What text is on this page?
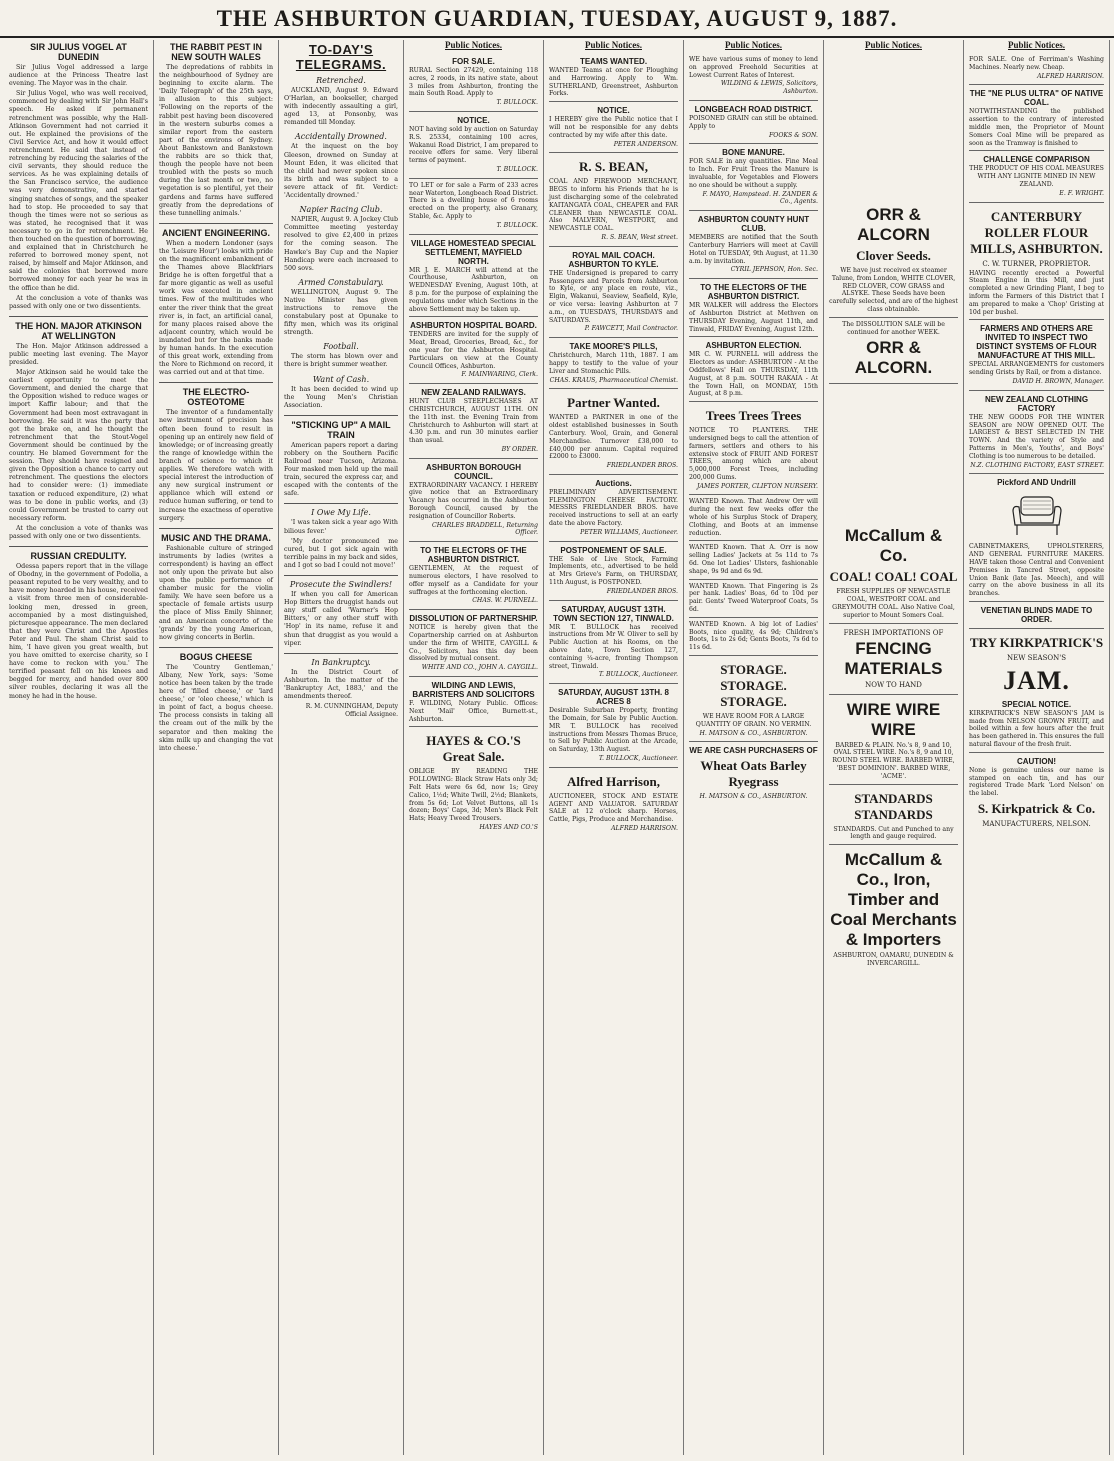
THE ASHBURTON GUARDIAN, TUESDAY, AUGUST 9, 1887.
SIR JULIUS VOGEL AT DUNEDIN

Sir Julius Vogel addressed a large audience at the Princess Theatre last evening. The Mayor was in the chair.

Sir Julius Vogel, who was well received, commenced by dealing with Sir John Hall's speech. He asked if permanent retrenchment was possible, why the Hall-Atkinson Government had not carried it out. He explained the provisions of the Civil Service Act, and how it would effect retrenchment. He said that instead of retrenching by reducing the salaries of the civil servants, they should reduce the services. As he was explaining details of the San Francisco service, the audience was very demonstrative, and started singing snatches of songs, and the speaker had to stop. He proceeded to say that though the times were not so serious as was stated, he recognised that it was necessary to go in for retrenchment. He then touched on the question of borrowing, and explained that in Christchurch he referred to borrowed money spent, not raised, by himself and Major Atkinson, and said the colonies that borrowed more borrowed money for each year he was in the office than he did.

At the conclusion a vote of thanks was passed with only one or two dissentients.

THE HON. MAJOR ATKINSON AT WELLINGTON

The Hon. Major Atkinson addressed a public meeting last evening. The Mayor presided.

Major Atkinson said he would take the earliest opportunity to meet the Government, and denied the charge that the Opposition wished to reduce wages or import Kaffir labour; and that the Government had been most extravagant in borrowing. He said it was the party that got the brake on, and he thought the retrenchment that the Stout-Vogel Government should be continued by the country. He blamed Government for the session. They should have resigned and given the Opposition a chance to carry out retrenchment. The questions the electors had to consider were: (1) immediate taxation or reduced expenditure, (2) what was to be done in public works, and (3) could Government be trusted to carry out necessary reform.

At the conclusion a vote of thanks was passed with only one or two dissentients.

RUSSIAN CREDULITY.

Odessa papers report that in the village of Obodny, in the government of Podolia, a peasant reputed to be very wealthy, and to have money hoarded in his house, received a visit from three men of considerable-looking men, dressed in green, accompanied by a most distinguished, picturesque appearance. The men declared that they were Christ and the Apostles Peter and Paul. The sham Christ said to him, 'I have given you great wealth, but you have omitted to exercise charity, so I have come to reckon with you.' The terrified peasant fell on his knees and begged for mercy, and handed over 800 silver roubles, declaring it was all the money he had in the house.

THE RABBIT PEST IN NEW SOUTH WALES

The depredations of rabbits in the neighbourhood of Sydney are beginning to excite alarm. The 'Daily Telegraph' of the 25th says, in allusion to this subject: 'Following on the reports of the rabbit pest having been discovered in the western suburbs comes a similar report from the eastern part of the environs of Sydney. About Bankstown and Bankstown the rabbits are so thick that, though the people have not been troubled with the pests so much during the last month or two, no vegetation is so plentiful, yet their gardens and farms have suffered greatly from the depredations of these tunnelling animals.'

ANCIENT ENGINEERING.

When a modern Londoner (says the 'Leisure Hour') looks with pride on the magnificent embankment of the Thames above Blackfriars Bridge he is often forgetful that a far more gigantic as well as useful work was executed in ancient times. Few of the multitudes who enter the river think that the great river is, in fact, an artificial canal, for many places raised above the adjacent country, which would be inundated but for the banks made by human hands. In the execution of this great work, extending from the Nore to Richmond on record, it was carried out and at that time.

THE ELECTRO-OSTEOTOME

The inventor of a fundamentally new instrument of precision has often been found to result in opening up an entirely new field of knowledge; or of increasing greatly the range of knowledge within the branch of science to which it applies. We therefore watch with special interest the introduction of any new surgical instrument or appliance which will extend or reduce human suffering, or tend to increase the exactness of operative surgery.

MUSIC AND THE DRAMA.

Fashionable culture of stringed instruments by ladies (writes a correspondent) is having an effect not only upon the private but also upon the public performance of chamber music for the violin family. We have seen before us a spectacle of female artists usurp the place of Miss Emily Shinner, and an American concerto of the 'grands' by the young American, now giving concerts in Berlin.

BOGUS CHEESE

The 'Country Gentleman,' Albany, New York, says: 'Some notice has been taken by the trade here of 'filled cheese,' or 'lard cheese,' or 'oleo cheese,' which is in point of fact, a bogus cheese. The process consists in taking all the cream out of the milk by the separator and then making the skim milk up and changing the vat into cheese.'

TO-DAY'S TELEGRAMS.
Retrenched.

AUCKLAND, August 9. Edward O'Harlan, an bookseller, charged with indecently assaulting a girl, aged 13, at Ponsonby, was remanded till Monday.

Accidentally Drowned.

At the inquest on the boy Gleeson, drowned on Sunday at Mount Eden, it was elicited that the child had never spoken since its birth and was subject to a severe attack of fit. Verdict: 'Accidentally drowned.'

Napier Racing Club.

NAPIER, August 9. A Jockey Club Committee meeting yesterday resolved to give £2,400 in prizes for the coming season. The Hawke's Bay Cup and the Napier Handicap were each increased to 500 sovs.

Armed Constabulary.

WELLINGTON, August 9. The Native Minister has given instructions to remove the constabulary post at Opunake to fifty men, which was its original strength.

Football.

The storm has blown over and there is bright summer weather.

Want of Cash.

It has been decided to wind up the Young Men's Christian Association.

"STICKING UP" A MAIL TRAIN

American papers report a daring robbery on the Southern Pacific Railroad near Tucson, Arizona. Four masked men held up the mail train, secured the express car, and escaped with the contents of the safe.

I Owe My Life.

'I was taken sick a year ago With bilious fever.'

'My doctor pronounced me cured, but I got sick again with terrible pains in my back and sides, and I got so bad I could not move!'

Prosecute the Swindlers!

If when you call for American Hop Bitters the druggist hands out any stuff called 'Warner's Hop Bitters,' or any other stuff with 'Hop' in its name, refuse it and shun that druggist as you would a viper.

In Bankruptcy.

In the District Court of Ashburton. In the matter of the 'Bankruptcy Act, 1883,' and the amendments thereof.

R. M. CUNNINGHAM, Deputy Official Assignee.

Public Notices.

FOR SALE.

RURAL Section 27429, containing 118 acres, 2 roods, in its native state, about 3 miles from Ashburton, fronting the main South Road. Apply to

T. BULLOCK.

NOTICE.

NOT having sold by auction on Saturday R.S. 25334, containing 100 acres, Wakanui Road District, I am prepared to receive offers for same. Very liberal terms of payment.

T. BULLOCK.

TO LET or for sale a Farm of 233 acres near Waterton, Longbeach Road District. There is a dwelling house of 6 rooms erected on the property, also Granary, Stable, &c. Apply to

T. BULLOCK.

VILLAGE HOMESTEAD SPECIAL SETTLEMENT, MAYFIELD NORTH.

MR J. E. MARCH will attend at the Courthouse, Ashburton, on WEDNESDAY Evening, August 10th, at 8 p.m. for the purpose of explaining the regulations under which Sections in the above Settlement may be taken up.

ASHBURTON HOSPITAL BOARD.

TENDERS are invited for the supply of Meat, Bread, Groceries, Bread, &c., for one year for the Ashburton Hospital. Particulars on view at the County Council Offices, Ashburton.

F. MAINWARING, Clerk.

NEW ZEALAND RAILWAYS.

HUNT CLUB STEEPLECHASES AT CHRISTCHURCH, AUGUST 11TH. ON the 11th inst. the Evening Train from Christchurch to Ashburton will start at 4.30 p.m. and run 30 minutes earlier than usual.

BY ORDER.

ASHBURTON BOROUGH COUNCIL.

EXTRAORDINARY VACANCY. I HEREBY give notice that an Extraordinary Vacancy has occurred in the Ashburton Borough Council, caused by the resignation of Councillor Roberts.

CHARLES BRADDELL, Returning Officer.

TO THE ELECTORS OF THE ASHBURTON DISTRICT.

GENTLEMEN, At the request of numerous electors, I have resolved to offer myself as a Candidate for your suffrages at the forthcoming election.

CHAS. W. PURNELL.

DISSOLUTION OF PARTNERSHIP.

NOTICE is hereby given that the Copartnership carried on at Ashburton under the firm of WHITE, CAYGILL & Co., Solicitors, has this day been dissolved by mutual consent.

WHITE AND CO., JOHN A. CAYGILL.

WILDING AND LEWIS, BARRISTERS AND SOLICITORS

F. WILDING, Notary Public. Offices: Next 'Mail' Office, Burnett-st., Ashburton.

HAYES & CO.'S Great Sale.

OBLIGE BY READING THE FOLLOWING: Black Straw Hats only 3d; Felt Hats were 6s 6d, now 1s; Grey Calico, 1½d; White Twill, 2½d; Blankets, from 5s 6d; Lot Velvet Buttons, all 1s dozen; Boys' Caps, 3d; Men's Black Felt Hats; Heavy Tweed Trousers.

HAYES AND CO.'S

Public Notices.

TEAMS WANTED.

WANTED Teams at once for Ploughing and Harrowing. Apply to Wm. SUTHERLAND, Greenstreet, Ashburton Forks.

NOTICE.

I HEREBY give the Public notice that I will not be responsible for any debts contracted by my wife after this date.

PETER ANDERSON.

R. S. BEAN,

COAL AND FIREWOOD MERCHANT, BEGS to inform his Friends that he is just discharging some of the celebrated KAITANGATA COAL, CHEAPER and FAR CLEANER than NEWCASTLE COAL. Also MALVERN, WESTPORT, and NEWCASTLE COAL.

R. S. BEAN, West street.

ROYAL MAIL COACH. ASHBURTON TO KYLE.

THE Undersigned is prepared to carry Passengers and Parcels from Ashburton to Kyle, or any place en route, viz., Elgin, Wakanui, Seaview, Seafield, Kyle, or vice versa: leaving Ashburton at 7 a.m., on TUESDAYS, THURSDAYS and SATURDAYS.

P. FAWCETT, Mail Contractor.

TAKE MOORE'S PILLS,

Christchurch, March 11th, 1887. I am happy to testify to the value of your Liver and Stomachic Pills.

CHAS. KRAUS, Pharmaceutical Chemist.

Partner Wanted.

WANTED a PARTNER in one of the oldest established businesses in South Canterbury. Wool, Grain, and General Merchandise. Turnover £38,000 to £40,000 per annum. Capital required £2000 to £3000.

FRIEDLANDER BROS.

Auctions.

PRELIMINARY ADVERTISEMENT. FLEMINGTON CHEESE FACTORY. MESSRS FRIEDLANDER BROS. have received instructions to sell at an early date the above Factory.

PETER WILLIAMS, Auctioneer.

POSTPONEMENT OF SALE.

THE Sale of Live Stock, Farming Implements, etc., advertised to be held at Mrs Grieve's Farm, on THURSDAY, 11th August, is POSTPONED.

FRIEDLANDER BROS.

SATURDAY, AUGUST 13TH. TOWN SECTION 127, TINWALD.

MR T. BULLOCK has received instructions from Mr W. Oliver to sell by Public Auction at his Rooms, on the above date, Town Section 127, containing ¼-acre, fronting Thompson street, Tinwald.

T. BULLOCK, Auctioneer.

SATURDAY, AUGUST 13TH. 8 ACRES 8

Desirable Suburban Property, fronting the Domain, for Sale by Public Auction. MR T. BULLOCK has received instructions from Messrs Thomas Bruce, to Sell by Public Auction at the Arcade, on Saturday, 13th August.

T. BULLOCK, Auctioneer.

Alfred Harrison,

AUCTIONEER, STOCK AND ESTATE AGENT AND VALUATOR. SATURDAY SALE at 12 o'clock sharp. Horses, Cattle, Pigs, Produce and Merchandise.

ALFRED HARRISON.

Public Notices.

WE have various sums of money to lend on approved Freehold Securities at Lowest Current Rates of Interest.

WILDING & LEWIS, Solicitors, Ashburton.

LONGBEACH ROAD DISTRICT.

POISONED GRAIN can still be obtained. Apply to

FOOKS & SON.

BONE MANURE.

FOR SALE in any quantities. Fine Meal to Inch. For Fruit Trees the Manure is invaluable, for Vegetables and Flowers no one should be without a supply.

F. MAYO, Hampstead. H. ZANDER & Co., Agents.

ASHBURTON COUNTY HUNT CLUB.

MEMBERS are notified that the South Canterbury Harriers will meet at Cavill Hotel on TUESDAY, 9th August, at 11.30 a.m. by invitation.

CYRIL JEPHSON, Hon. Sec.

TO THE ELECTORS OF THE ASHBURTON DISTRICT.

MR WALKER will address the Electors of Ashburton District at Methven on THURSDAY Evening, August 11th, and Tinwald, FRIDAY Evening, August 12th.

ASHBURTON ELECTION.

MR C. W. PURNELL will address the Electors as under: ASHBURTON - At the Oddfellows' Hall on THURSDAY, 11th August, at 8 p.m. SOUTH RAKAIA - At the Town Hall, on MONDAY, 15th August, at 8 p.m.

Trees Trees Trees

NOTICE TO PLANTERS. THE undersigned begs to call the attention of farmers, settlers and others to his extensive stock of FRUIT AND FOREST TREES, among which are about 5,000,000 Forest Trees, including 200,000 Gums.

JAMES PORTER, CLIFTON NURSERY.

WANTED Known. That Andrew Orr will during the next few weeks offer the whole of his Surplus Stock of Drapery, Clothing, and Boots at an immense reduction.

WANTED Known. That A. Orr is now selling Ladies' Jackets at 5s 11d to 7s 6d. One lot Ladies' Ulsters, fashionable shape, 9s 9d and 6s 9d.

WANTED Known. That Fingering is 2s per hank. Ladies' Boas, 6d to 10d per pair. Gents' Tweed Waterproof Coats, 5s 6d.

WANTED Known. A big lot of Ladies' Boots, nice quality, 4s 9d; Children's Boots, 1s to 2s 6d; Gents Boots, 7s 6d to 11s 6d.

STORAGE. STORAGE. STORAGE.

WE HAVE ROOM FOR A LARGE QUANTITY OF GRAIN. NO VERMIN.

H. MATSON & CO., ASHBURTON.

WE ARE CASH PURCHASERS OF

Wheat Oats Barley Ryegrass

H. MATSON & CO., ASHBURTON.

Public Notices.

ORR & ALCORN

Clover Seeds.

WE have just received ex steamer Talune, from London, WHITE CLOVER, RED CLOVER, COW GRASS and ALSYKE. These Seeds have been carefully selected, and are of the highest class obtainable.

The DISSOLUTION SALE will be continued for another WEEK.

ORR & ALCORN.

McCallum & Co.

COAL! COAL! COAL

FRESH SUPPLIES OF NEWCASTLE COAL, WESTPORT COAL and GREYMOUTH COAL. Also Native Coal, superior to Mount Somers Coal.

FRESH IMPORTATIONS OF

FENCING MATERIALS

NOW TO HAND

WIRE WIRE WIRE

BARBED & PLAIN. No.'s 8, 9 and 10, OVAL STEEL WIRE. No.'s 8, 9 and 10, ROUND STEEL WIRE. BARBED WIRE, 'BEST DOMINION'. BARBED WIRE, 'ACME'.

STANDARDS STANDARDS

STANDARDS. Cut and Punched to any length and gauge required.

McCallum & Co., Iron, Timber and Coal Merchants & Importers

ASHBURTON, OAMARU, DUNEDIN & INVERCARGILL.

Public Notices.

FOR SALE. One of Ferriman's Washing Machines. Nearly new. Cheap.

ALFRED HARRISON.

THE "NE PLUS ULTRA" OF NATIVE COAL.

NOTWITHSTANDING the published assertion to the contrary of interested middle men, the Proprietor of Mount Somers Coal Mine will be prepared as soon as the Tramway is finished to

CHALLENGE COMPARISON

THE PRODUCT OF HIS COAL MEASURES WITH ANY LIGNITE MINED IN NEW ZEALAND.

E. F. WRIGHT.

CANTERBURY ROLLER FLOUR MILLS, ASHBURTON.

C. W. TURNER, PROPRIETOR.

HAVING recently erected a Powerful Steam Engine in this Mill, and just completed a new Grinding Plant, I beg to inform the Farmers of this District that I am prepared to make a 'Chop' Gristing at 10d per bushel.

FARMERS AND OTHERS ARE INVITED TO INSPECT TWO DISTINCT SYSTEMS OF FLOUR MANUFACTURE AT THIS MILL.

SPECIAL ARRANGEMENTS for customers sending Grists by Rail, or from a distance.

DAVID H. BROWN, Manager.

NEW ZEALAND CLOTHING FACTORY

THE NEW GOODS FOR THE WINTER SEASON are NOW OPENED OUT. The LARGEST & BEST SELECTED IN THE TOWN. And the variety of Style and Patterns in Men's, Youths', and Boys' Clothing is too numerous to be detailed.

N.Z. CLOTHING FACTORY, EAST STREET.

Pickford AND Undrill

CABINETMAKERS, UPHOLSTERERS, AND GENERAL FURNITURE MAKERS. HAVE taken those Central and Convenient Premises in Tancred Street, opposite Union Bank (late Jas. Meech), and will carry on the above business in all its branches.

VENETIAN BLINDS MADE TO ORDER.

TRY KIRKPATRICK'S

NEW SEASON'S

JAM.

SPECIAL NOTICE.

KIRKPATRICK'S NEW SEASON'S JAM is made from NELSON GROWN FRUIT, and boiled within a few hours after the fruit has been gathered in. This ensures the full natural flavour of the fresh fruit.

CAUTION!

None is genuine unless our name is stamped on each tin, and has our registered Trade Mark 'Lord Nelson' on the label.

S. Kirkpatrick & Co.

MANUFACTURERS, NELSON.
